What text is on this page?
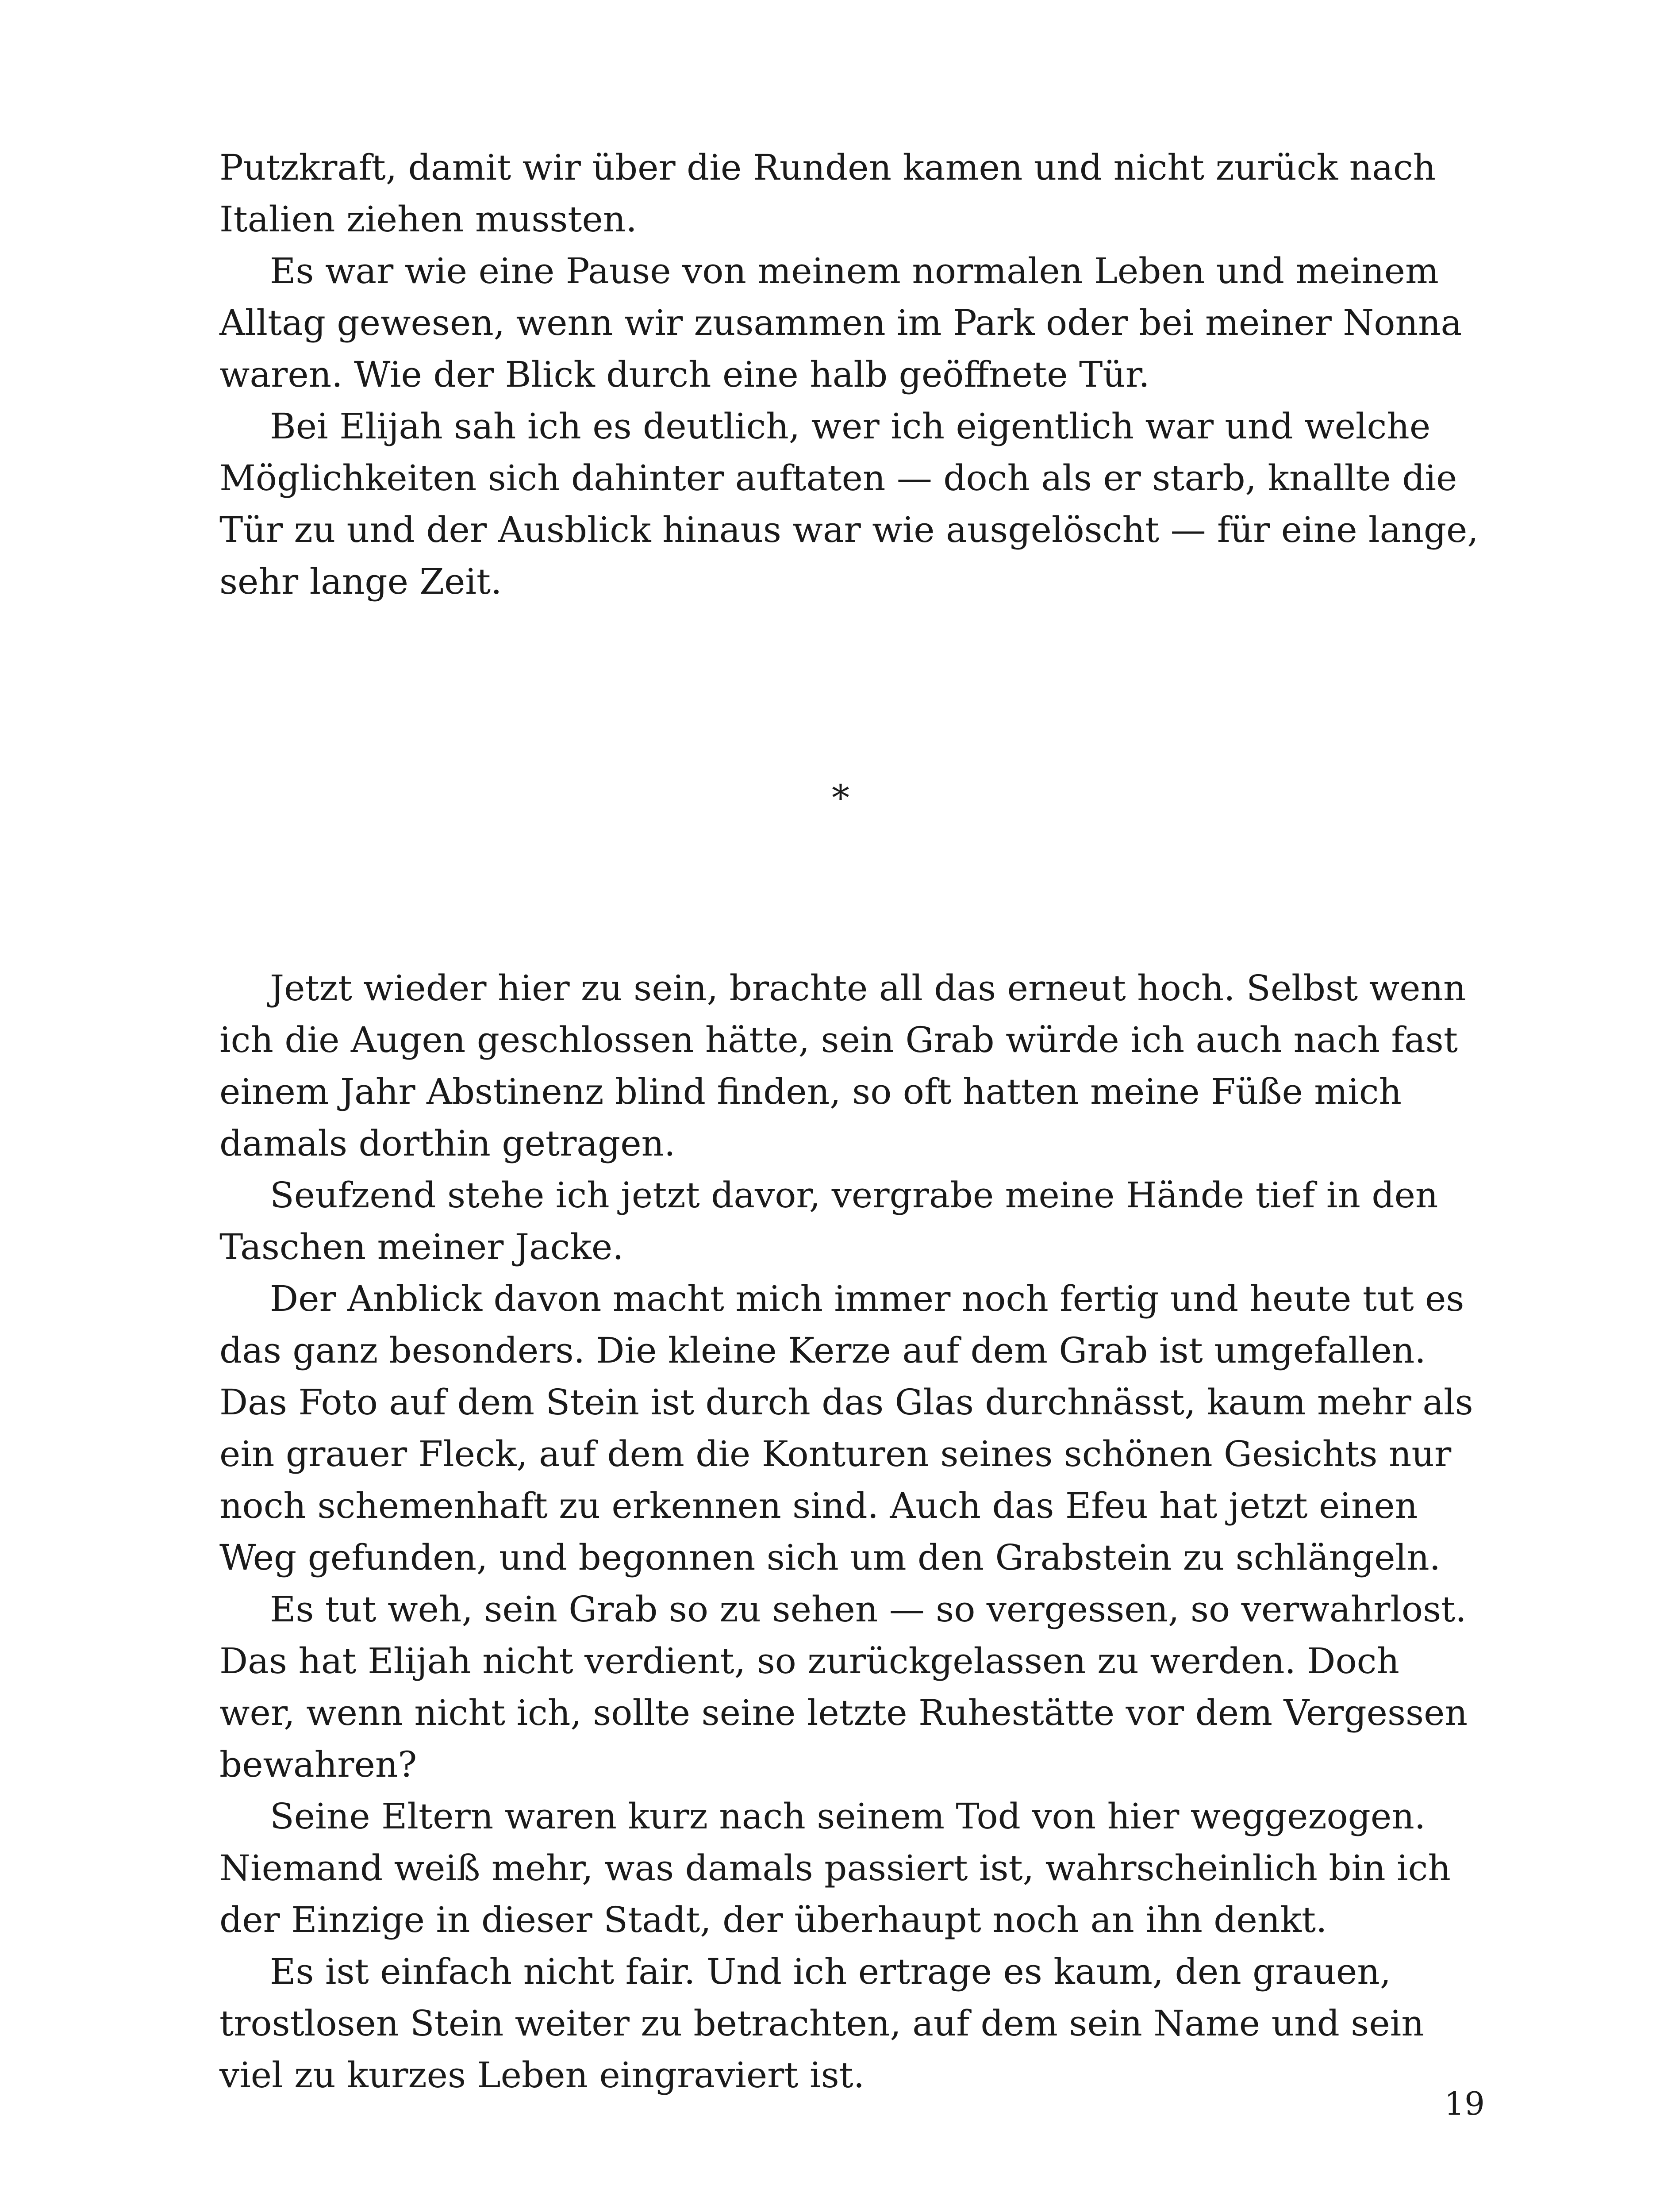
Putzkraft, damit wir über die Runden kamen und nicht zurück nach Italien ziehen mussten.

Es war wie eine Pause von meinem normalen Leben und meinem Alltag gewesen, wenn wir zusammen im Park oder bei meiner Nonna waren. Wie der Blick durch eine halb geöffnete Tür.

Bei Elijah sah ich es deutlich, wer ich eigentlich war und welche Möglichkeiten sich dahinter auftaten — doch als er starb, knallte die Tür zu und der Ausblick hinaus war wie ausgelöscht — für eine lange, sehr lange Zeit.

*

Jetzt wieder hier zu sein, brachte all das erneut hoch. Selbst wenn ich die Augen geschlossen hätte, sein Grab würde ich auch nach fast einem Jahr Abstinenz blind finden, so oft hatten meine Füße mich damals dorthin getragen.

Seufzend stehe ich jetzt davor, vergrabe meine Hände tief in den Taschen meiner Jacke.

Der Anblick davon macht mich immer noch fertig und heute tut es das ganz besonders. Die kleine Kerze auf dem Grab ist umgefallen. Das Foto auf dem Stein ist durch das Glas durchnässt, kaum mehr als ein grauer Fleck, auf dem die Konturen seines schönen Gesichts nur noch schemenhaft zu erkennen sind. Auch das Efeu hat jetzt einen Weg gefunden, und begonnen sich um den Grabstein zu schlängeln.

Es tut weh, sein Grab so zu sehen — so vergessen, so verwahrlost. Das hat Elijah nicht verdient, so zurückgelassen zu werden. Doch wer, wenn nicht ich, sollte seine letzte Ruhestätte vor dem Vergessen bewahren?

Seine Eltern waren kurz nach seinem Tod von hier weggezogen. Niemand weiß mehr, was damals passiert ist, wahrscheinlich bin ich der Einzige in dieser Stadt, der überhaupt noch an ihn denkt.

Es ist einfach nicht fair. Und ich ertrage es kaum, den grauen, trostlosen Stein weiter zu betrachten, auf dem sein Name und sein viel zu kurzes Leben eingraviert ist.

19
